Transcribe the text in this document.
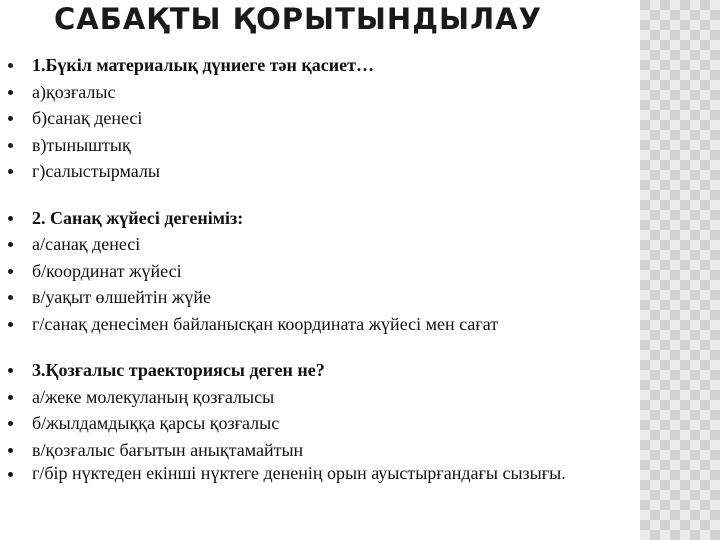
САБАҚТЫ ҚОРЫТЫНДЫЛАУ
1.Бүкіл материалық дүниеге тән қасиет…
а)қозғалыс
б)санақ денесі
в)тыныштық
г)салыстырмалы
2. Санақ жүйесі дегеніміз:
а/санақ денесі
б/координат жүйесі
в/уақыт өлшейтін жүйе
г/санақ денесімен байланысқан координата жүйесі мен сағат
3.Қозғалыс траекториясы деген не?
а/жеке молекуланың қозғалысы
б/жылдамдыққа қарсы қозғалыс
в/қозғалыс бағытын анықтамайтын
г/бір нүктеден екінші нүктеге дененің орын ауыстырғандағы сызығы.
